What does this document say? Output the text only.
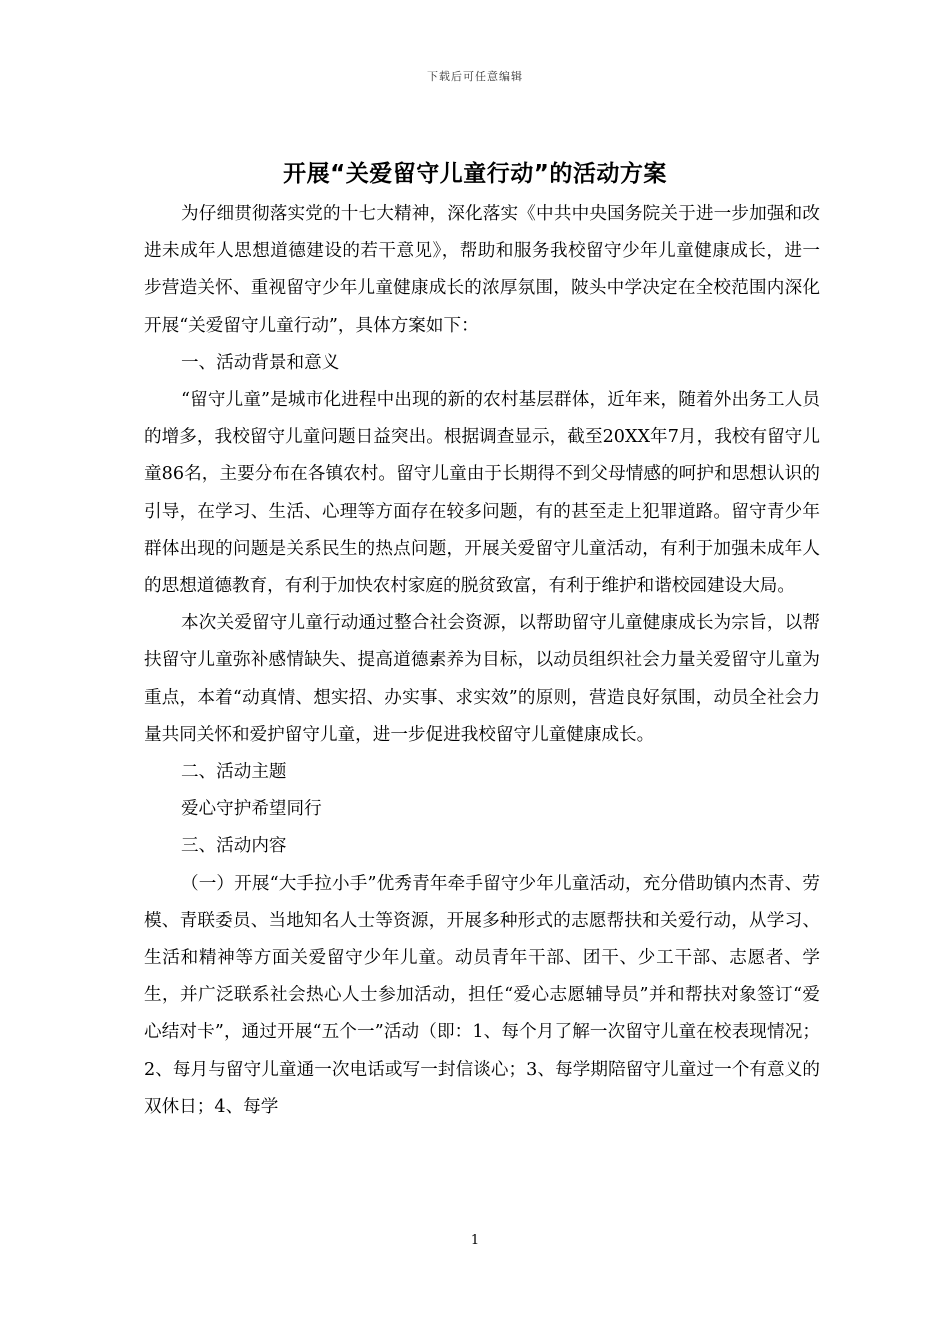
下载后可任意编辑
开展“关爱留守儿童行动”的活动方案

为仔细贯彻落实党的十七大精神，深化落实《中共中央国务院关于进一步加强和改进未成年人思想道德建设的若干意见》，帮助和服务我校留守少年儿童健康成长，进一步营造关怀、重视留守少年儿童健康成长的浓厚氛围，陂头中学决定在全校范围内深化开展“关爱留守儿童行动”，具体方案如下：

一、活动背景和意义

“留守儿童”是城市化进程中出现的新的农村基层群体，近年来，随着外出务工人员的增多，我校留守儿童问题日益突出。根据调查显示，截至20XX年7月，我校有留守儿童86名，主要分布在各镇农村。留守儿童由于长期得不到父母情感的呵护和思想认识的引导，在学习、生活、心理等方面存在较多问题，有的甚至走上犯罪道路。留守青少年群体出现的问题是关系民生的热点问题，开展关爱留守儿童活动，有利于加强未成年人的思想道德教育，有利于加快农村家庭的脱贫致富，有利于维护和谐校园建设大局。

本次关爱留守儿童行动通过整合社会资源，以帮助留守儿童健康成长为宗旨，以帮扶留守儿童弥补感情缺失、提高道德素养为目标，以动员组织社会力量关爱留守儿童为重点，本着“动真情、想实招、办实事、求实效”的原则，营造良好氛围，动员全社会力量共同关怀和爱护留守儿童，进一步促进我校留守儿童健康成长。

二、活动主题

爱心守护希望同行

三、活动内容

（一）开展“大手拉小手”优秀青年牵手留守少年儿童活动，充分借助镇内杰青、劳模、青联委员、当地知名人士等资源，开展多种形式的志愿帮扶和关爱行动，从学习、生活和精神等方面关爱留守少年儿童。动员青年干部、团干、少工干部、志愿者、学生，并广泛联系社会热心人士参加活动，担任“爱心志愿辅导员”并和帮扶对象签订“爱心结对卡”，通过开展“五个一”活动（即：1、每个月了解一次留守儿童在校表现情况；2、每月与留守儿童通一次电话或写一封信谈心；3、每学期陪留守儿童过一个有意义的双休日；4、每学

1
